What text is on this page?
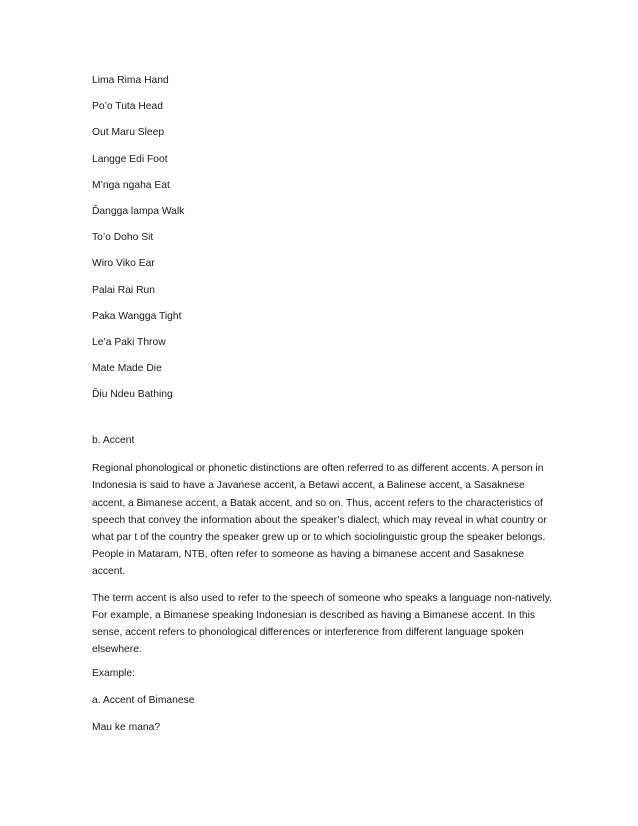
Lima Rima Hand
Po’o Tuta Head
Out Maru Sleep
Langge Edi Foot
M’nga ngaha Eat
Ďangga lampa Walk
To’o Doho Sit
Wiro Viko Ear
Palai Rai Run
Paka Wangga Tight
Le’a Paki Throw
Mate Made Die
Ďiu Ndeu Bathing
b. Accent

Regional phonological or phonetic distinctions are often referred to as different accents. A person in Indonesia is said to have a Javanese accent, a Betawi accent, a Balinese accent, a Sasaknese accent, a Bimanese accent, a Batak accent, and so on. Thus, accent refers to the characteristics of speech that convey the information about the speaker’s dialect, which may reveal in what country or what par t of the country the speaker grew up or to which sociolinguistic group the speaker belongs. People in Mataram, NTB, often refer to someone as having a bimanese accent and Sasaknese accent.

The term accent is also used to refer to the speech of someone who speaks a language non-natively. For example, a Bimanese speaking Indonesian is described as having a Bimanese accent. In this sense, accent refers to phonological differences or interference from different language spoken elsewhere.

Example:
a. Accent of Bimanese
Mau ke mana?
